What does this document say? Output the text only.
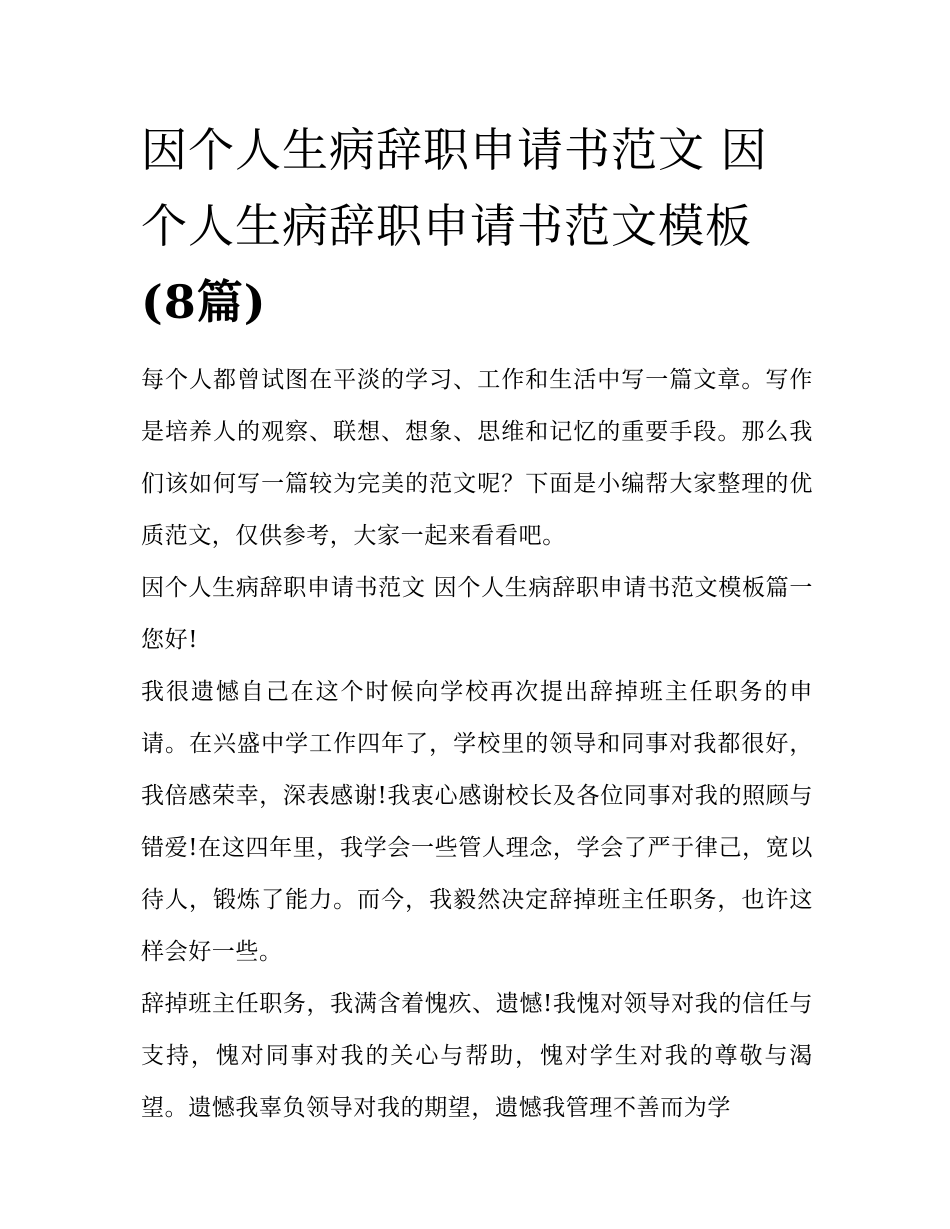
因个人生病辞职申请书范文 因个人生病辞职申请书范文模板
(8篇)

每个人都曾试图在平淡的学习、工作和生活中写一篇文章。写作是培养人的观察、联想、想象、思维和记忆的重要手段。那么我们该如何写一篇较为完美的范文呢？下面是小编帮大家整理的优质范文，仅供参考，大家一起来看看吧。

因个人生病辞职申请书范文 因个人生病辞职申请书范文模板篇一 您好!

我很遗憾自己在这个时候向学校再次提出辞掉班主任职务的申请。在兴盛中学工作四年了，学校里的领导和同事对我都很好，我倍感荣幸，深表感谢!我衷心感谢校长及各位同事对我的照顾与错爱!在这四年里，我学会一些管人理念，学会了严于律己，宽以待人，锻炼了能力。而今，我毅然决定辞掉班主任职务，也许这样会好一些。

辞掉班主任职务，我满含着愧疚、遗憾!我愧对领导对我的信任与支持，愧对同事对我的关心与帮助，愧对学生对我的尊敬与渴望。遗憾我辜负领导对我的期望，遗憾我管理不善而为学
